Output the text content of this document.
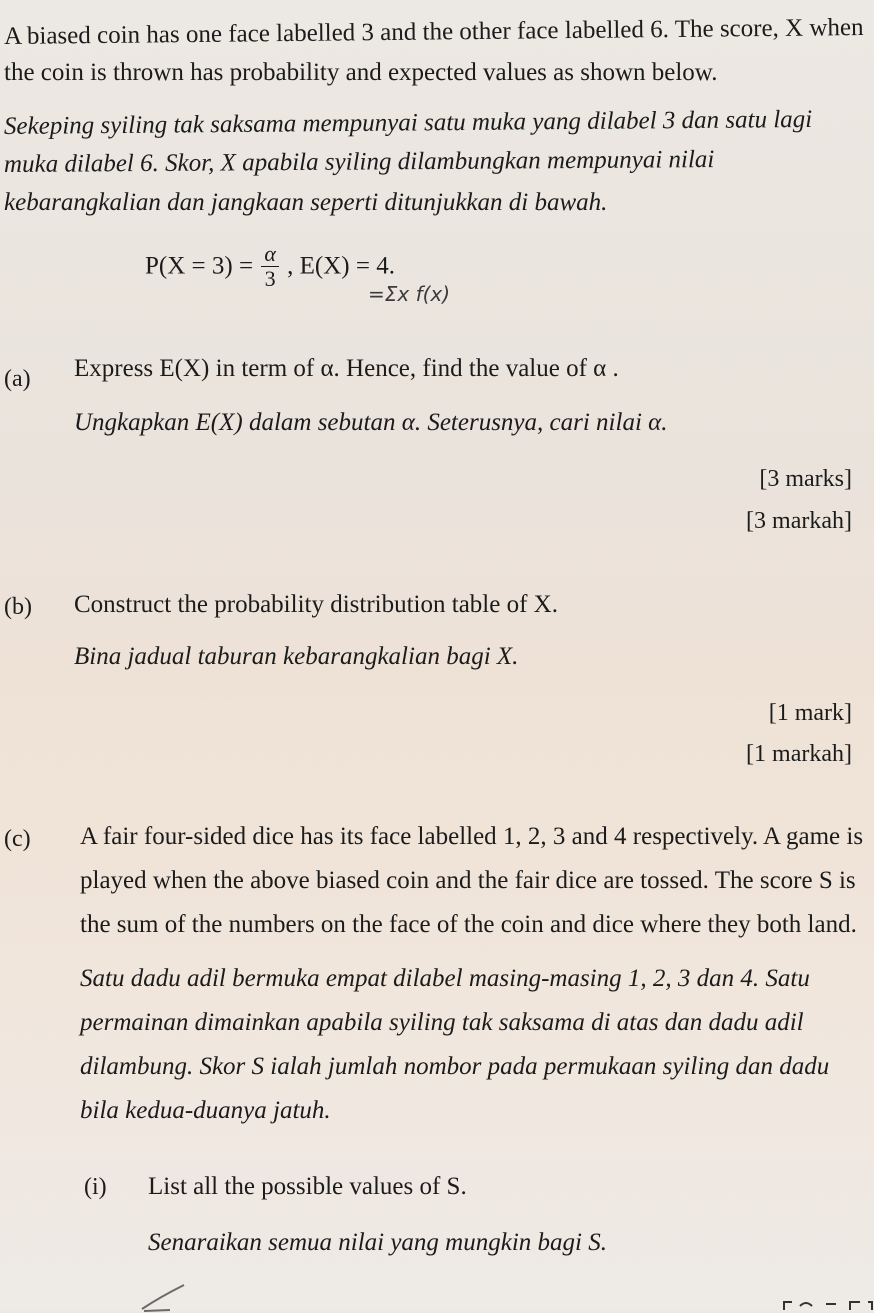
A biased coin has one face labelled 3 and the other face labelled 6. The score, X when
the coin is thrown has probability and expected values as shown below.
Sekeping syiling tak saksama mempunyai satu muka yang dilabel 3 dan satu lagi
muka dilabel 6. Skor, X apabila syiling dilambungkan mempunyai nilai
kebarangkalian dan jangkaan seperti ditunjukkan di bawah.
$P(X = 3) = \frac{\alpha}{3}$ , E(X) = 4.
=Σx f(x)
(a) Express E(X) in term of α. Hence, find the value of α .
Ungkapkan E(X) dalam sebutan α. Seterusnya, cari nilai α.
[3 marks]
[3 markah]
(b) Construct the probability distribution table of X.
Bina jadual taburan kebarangkalian bagi X.
[1 mark]
[1 markah]
(c) A fair four-sided dice has its face labelled 1, 2, 3 and 4 respectively. A game is
played when the above biased coin and the fair dice are tossed. The score S is
the sum of the numbers on the face of the coin and dice where they both land.
Satu dadu adil bermuka empat dilabel masing-masing 1, 2, 3 dan 4. Satu
permainan dimainkan apabila syiling tak saksama di atas dan dadu adil
dilambung. Skor S ialah jumlah nombor pada permukaan syiling dan dadu
bila kedua-duanya jatuh.
(i) List all the possible values of S.
Senaraikan semua nilai yang mungkin bagi S.
